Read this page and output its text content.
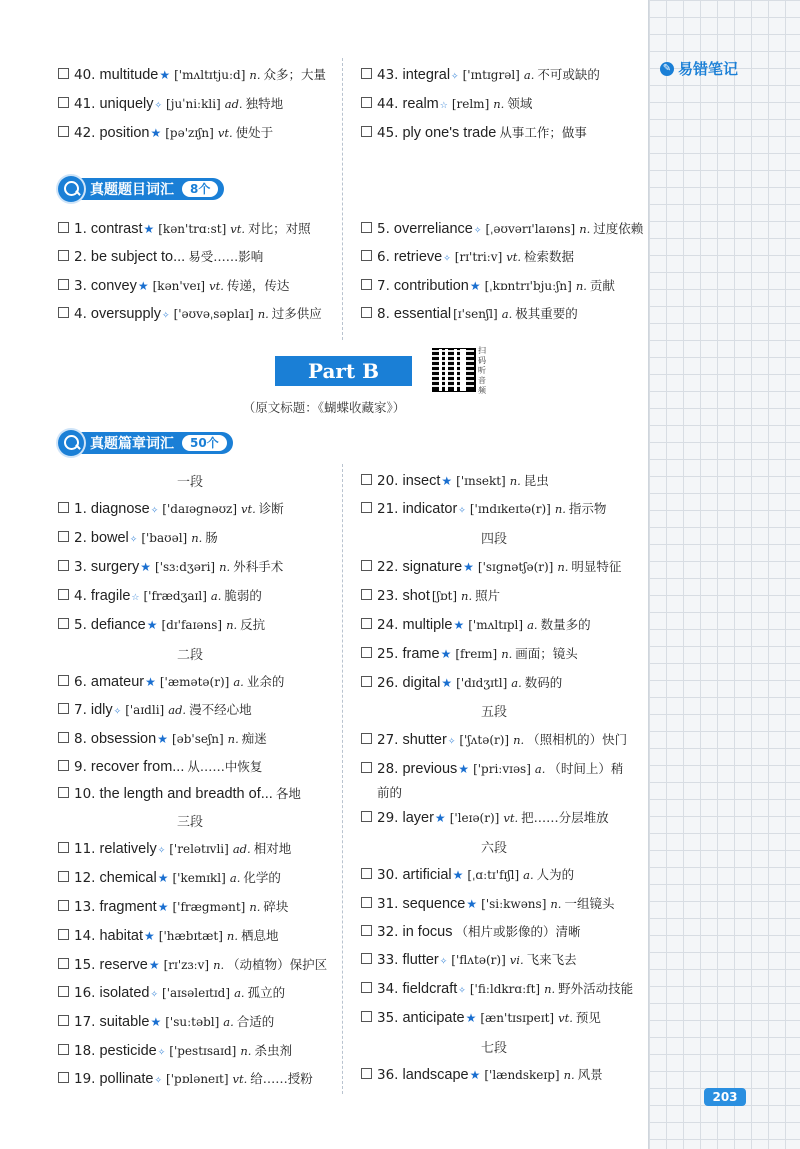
✎ 易错笔记
203
40. multitude ★ ['mʌltɪtjuːd] n. 众多；大量
41. uniquely ✧ [juˈniːkli] ad. 独特地
42. position ★ [pə'zɪʃn] vt. 使处于
43. integral ✧ ['ɪntɪgrəl] a. 不可或缺的
44. realm ☆ [relm] n. 领域
45. ply one's trade 从事工作；做事
真题题目词汇	8个
1. contrast ★ [kən'trɑːst] vt. 对比；对照
2. be subject to... 易受……影响
3. convey ★ [kən'veɪ] vt. 传递，传达
4. oversupply ✧ ['əʊvəˌsəplaɪ] n. 过多供应
5. overreliance ✧ [ˌəʊvərɪ'laɪəns] n. 过度依赖
6. retrieve ✧ [rɪ'triːv] vt. 检索数据
7. contribution ★ [ˌkɒntrɪ'bjuːʃn] n. 贡献
8. essential [ɪ'senʃl] a. 极其重要的
Part B
扫码听音频
（原文标题：《蝴蝶收藏家》）
真题篇章词汇	50个
一段
二段
三段
四段
五段
六段
七段
1. diagnose ✧ ['daɪəgnəʊz] vt. 诊断
2. bowel ✧ ['baʊəl] n. 肠
3. surgery ★ ['sɜːdʒəri] n. 外科手术
4. fragile ☆ ['frædʒaɪl] a. 脆弱的
5. defiance ★ [dɪ'faɪəns] n. 反抗
6. amateur ★ ['æmətə(r)] a. 业余的
7. idly ✧ ['aɪdli] ad. 漫不经心地
8. obsession ★ [əb'seʃn] n. 痴迷
9. recover from... 从……中恢复
10. the length and breadth of... 各地
11. relatively ✧ ['relətɪvli] ad. 相对地
12. chemical ★ ['kemɪkl] a. 化学的
13. fragment ★ ['frægmənt] n. 碎块
14. habitat ★ ['hæbɪtæt] n. 栖息地
15. reserve ★ [rɪ'zɜːv] n. （动植物）保护区
16. isolated ✧ ['aɪsəleɪtɪd] a. 孤立的
17. suitable ★ ['suːtəbl] a. 合适的
18. pesticide ✧ ['pestɪsaɪd] n. 杀虫剂
19. pollinate ✧ ['pɒləneɪt] vt. 给……授粉
20. insect ★ ['ɪnsekt] n. 昆虫
21. indicator ✧ ['ɪndɪkeɪtə(r)] n. 指示物
22. signature ★ ['sɪgnətʃə(r)] n. 明显特征
23. shot [ʃɒt] n. 照片
24. multiple ★ ['mʌltɪpl] a. 数量多的
25. frame ★ [freɪm] n. 画面；镜头
26. digital ★ ['dɪdʒɪtl] a. 数码的
27. shutter ✧ ['ʃʌtə(r)] n. （照相机的）快门
28. previous ★ ['priːvɪəs] a. （时间上）稍
前的
29. layer ★ ['leɪə(r)] vt. 把……分层堆放
30. artificial ★ [ˌɑːtɪ'fɪʃl] a. 人为的
31. sequence ★ ['siːkwəns] n. 一组镜头
32. in focus （相片或影像的）清晰
33. flutter ✧ ['flʌtə(r)] vi. 飞来飞去
34. fieldcraft ✧ ['fiːldkrɑːft] n. 野外活动技能
35. anticipate ★ [æn'tɪsɪpeɪt] vt. 预见
36. landscape ★ ['lændskeɪp] n. 风景
